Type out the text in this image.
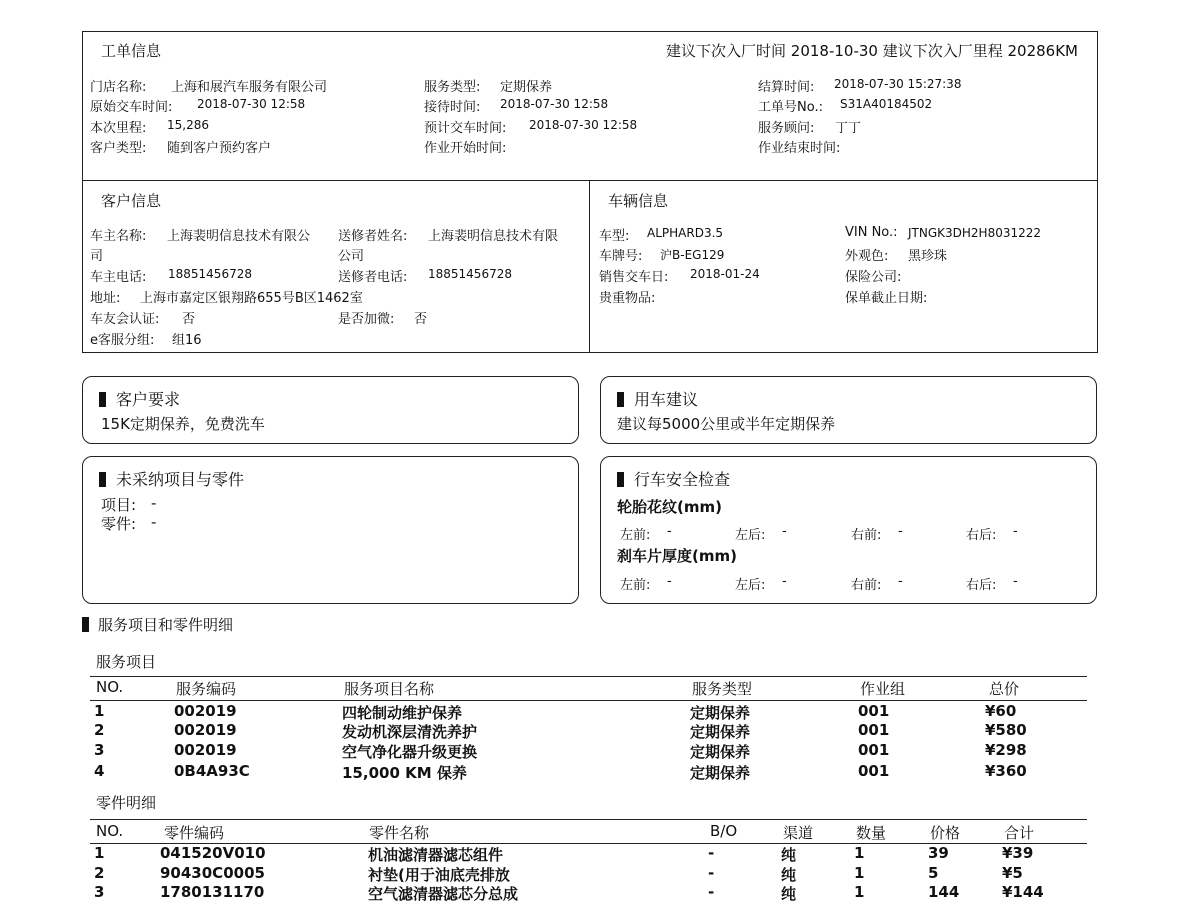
工单信息	建议下次入厂时间 2018-10-30 建议下次入厂里程 20286KM
门店名称: 上海和展汽车服务有限公司	服务类型: 定期保养	结算时间: 2018-07-30 15:27:38
原始交车时间: 2018-07-30 12:58	接待时间: 2018-07-30 12:58	工单号No.: S31A40184502
本次里程: 15,286	预计交车时间: 2018-07-30 12:58	服务顾问: 丁丁
客户类型: 随到客户预约客户	作业开始时间:	作业结束时间:
客户信息
车主名称: 上海裴明信息技术有限公
司
送修者姓名: 上海裴明信息技术有限
公司
车主电话: 18851456728	送修者电话: 18851456728
地址: 上海市嘉定区银翔路655号B区1462室
车友会认证: 否	是否加微: 否
e客服分组: 组16
车辆信息
车型: ALPHARD3.5	VIN No.: JTNGK3DH2H8031222
车牌号: 沪B-EG129	外观色: 黑珍珠
销售交车日: 2018-01-24	保险公司:
贵重物品:	保单截止日期:
客户要求
15K定期保养，免费洗车
用车建议
建议每5000公里或半年定期保养
未采纳项目与零件
项目: -
零件: -
行车安全检查
轮胎花纹(mm)
左前: -	左后: -	右前: -	右后: -
刹车片厚度(mm)
左前: -	左后: -	右前: -	右后: -
服务项目和零件明细
服务项目
NO.	服务编码	服务项目名称	服务类型	作业组	总价
1	002019	四轮制动维护保养	定期保养	001	¥60
2	002019	发动机深层清洗养护	定期保养	001	¥580
3	002019	空气净化器升级更换	定期保养	001	¥298
4	0B4A93C	15,000 KM 保养	定期保养	001	¥360
零件明细
NO.	零件编码	零件名称	B/O	渠道	数量	价格	合计
1	041520V010	机油滤清器滤芯组件	-	纯	1	39	¥39
2	90430C0005	衬垫(用于油底壳排放	-	纯	1	5	¥5
3	1780131170	空气滤清器滤芯分总成	-	纯	1	144	¥144
